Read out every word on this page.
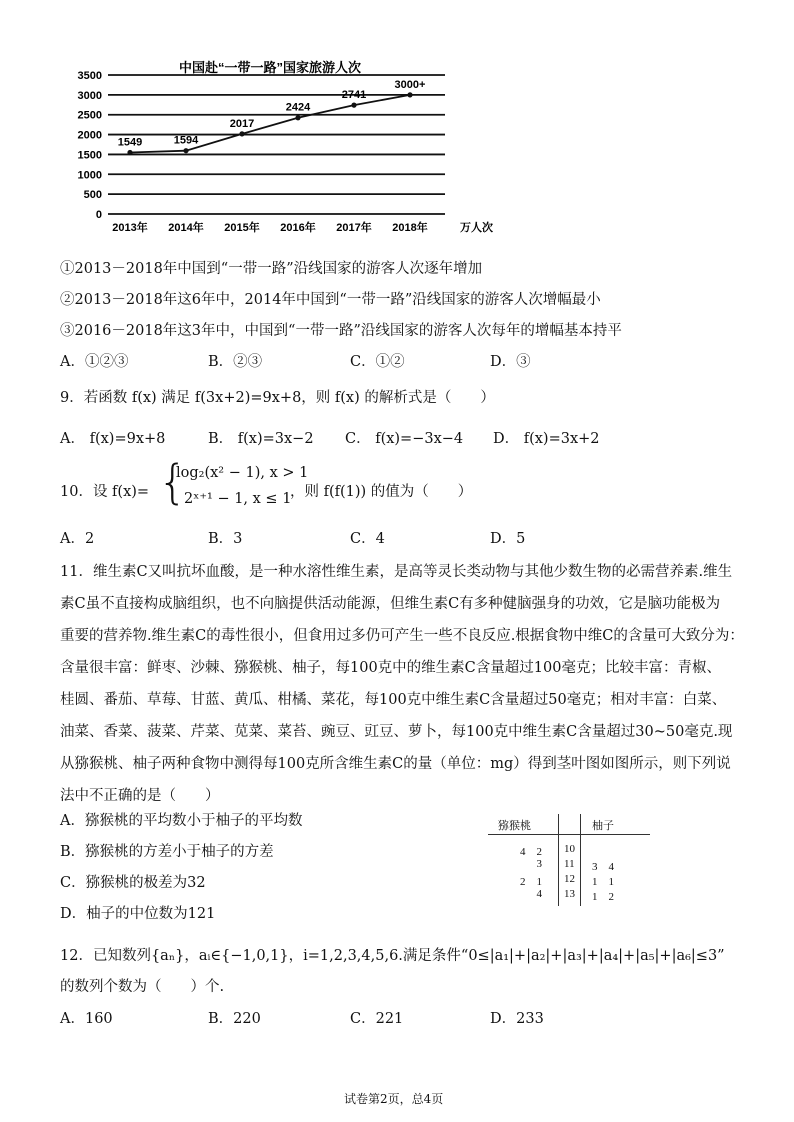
中国赴“一带一路”国家旅游人次
0
500
1000
1500
2000
2500
3000
3500
2013年 2014年 2015年 2016年 2017年 2018年
1549	1594
2017
2424
2741
3000+
万人次
①2013－2018年中国到“一带一路”沿线国家的游客人次逐年增加
②2013－2018年这6年中，2014年中国到“一带一路”沿线国家的游客人次增幅最小
③2016－2018年这3年中，中国到“一带一路”沿线国家的游客人次每年的增幅基本持平
A．①②③	B．②③	C．①②	D．③
9．若函数 f(x) 满足 f(3x+2)=9x+8，则 f(x) 的解析式是（　　）
A． f(x)=9x+8	B． f(x)=3x−2 C． f(x)=−3x−4 D． f(x)=3x+2
10．设 f(x)= {
log₂(x² − 1), x > 1
2ˣ⁺¹ − 1, x ≤ 1
，则 f(f(1)) 的值为（　　）
A．2	B．3	C．4	D．5
11．维生素C又叫抗坏血酸，是一种水溶性维生素，是高等灵长类动物与其他少数生物的必需营养素.维生
素C虽不直接构成脑组织，也不向脑提供活动能源，但维生素C有多种健脑强身的功效，它是脑功能极为
重要的营养物.维生素C的毒性很小，但食用过多仍可产生一些不良反应.根据食物中维C的含量可大致分为：
含量很丰富：鲜枣、沙棘、猕猴桃、柚子，每100克中的维生素C含量超过100毫克；比较丰富：青椒、
桂圆、番茄、草莓、甘蓝、黄瓜、柑橘、菜花，每100克中维生素C含量超过50毫克；相对丰富：白菜、
油菜、香菜、菠菜、芹菜、苋菜、菜苔、豌豆、豇豆、萝卜，每100克中维生素C含量超过30~50毫克.现
从猕猴桃、柚子两种食物中测得每100克所含维生素C的量（单位：mg）得到茎叶图如图所示，则下列说
法中不正确的是（　　）
A．猕猴桃的平均数小于柚子的平均数
B．猕猴桃的方差小于柚子的方差
C．猕猴桃的极差为32
D．柚子的中位数为121
猕猴桃	柚子
4　2 10
3 11 3　4
2　1 12 1　1
4 13 1　2
12．已知数列{aₙ}，aᵢ∈{−1,0,1}，i=1,2,3,4,5,6.满足条件“0≤|a₁|+|a₂|+|a₃|+|a₄|+|a₅|+|a₆|≤3”
的数列个数为（　　）个.
A．160	B．220	C．221	D．233
试卷第2页，总4页
